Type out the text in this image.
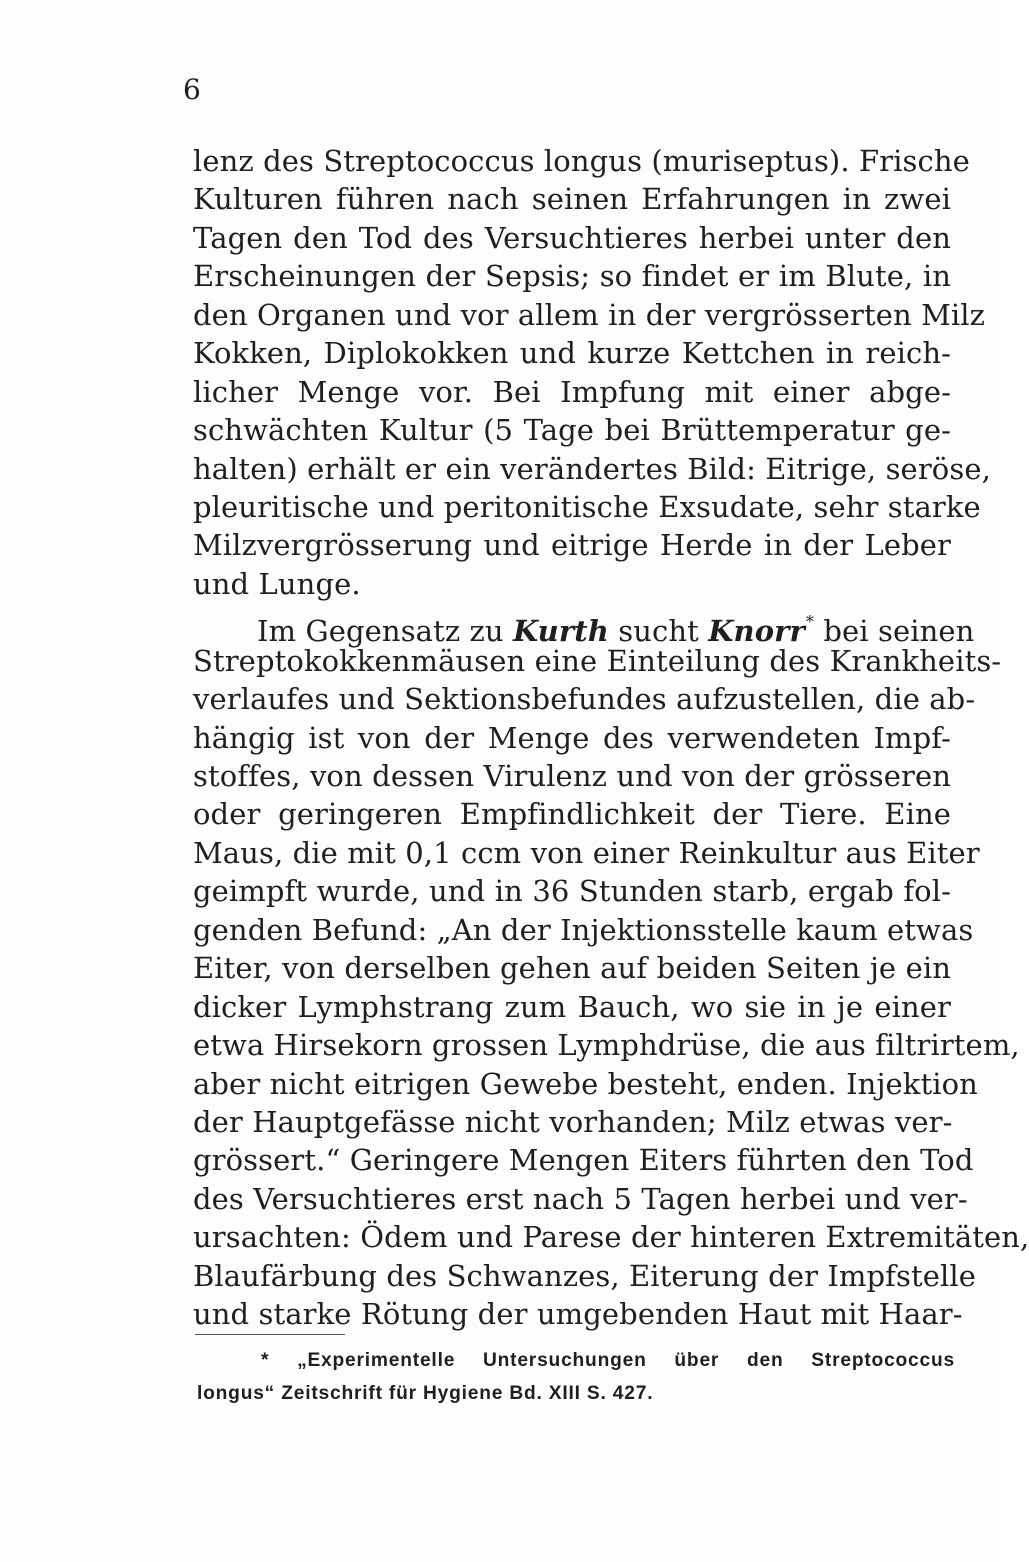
6
lenz des Streptococcus longus (muriseptus). Frische
Kulturen führen nach seinen Erfahrungen in zwei
Tagen den Tod des Versuchtieres herbei unter den
Erscheinungen der Sepsis; so findet er im Blute, in
den Organen und vor allem in der vergrösserten Milz
Kokken, Diplokokken und kurze Kettchen in reich-
licher Menge vor. Bei Impfung mit einer abge-
schwächten Kultur (5 Tage bei Brüttemperatur ge-
halten) erhält er ein verändertes Bild: Eitrige, seröse,
pleuritische und peritonitische Exsudate, sehr starke
Milzvergrösserung und eitrige Herde in der Leber
und Lunge.
Im Gegensatz zu Kurth sucht Knorr* bei seinen
Streptokokkenmäusen eine Einteilung des Krankheits-
verlaufes und Sektionsbefundes aufzustellen, die ab-
hängig ist von der Menge des verwendeten Impf-
stoffes, von dessen Virulenz und von der grösseren
oder geringeren Empfindlichkeit der Tiere. Eine
Maus, die mit 0,1 ccm von einer Reinkultur aus Eiter
geimpft wurde, und in 36 Stunden starb, ergab fol-
genden Befund: „An der Injektionsstelle kaum etwas
Eiter, von derselben gehen auf beiden Seiten je ein
dicker Lymphstrang zum Bauch, wo sie in je einer
etwa Hirsekorn grossen Lymphdrüse, die aus filtrirtem,
aber nicht eitrigen Gewebe besteht, enden. Injektion
der Hauptgefässe nicht vorhanden; Milz etwas ver-
grössert.“ Geringere Mengen Eiters führten den Tod
des Versuchtieres erst nach 5 Tagen herbei und ver-
ursachten: Ödem und Parese der hinteren Extremitäten,
Blaufärbung des Schwanzes, Eiterung der Impfstelle
und starke Rötung der umgebenden Haut mit Haar-
* „Experimentelle Untersuchungen über den Streptococcus
longus“ Zeitschrift für Hygiene Bd. XIII S. 427.
